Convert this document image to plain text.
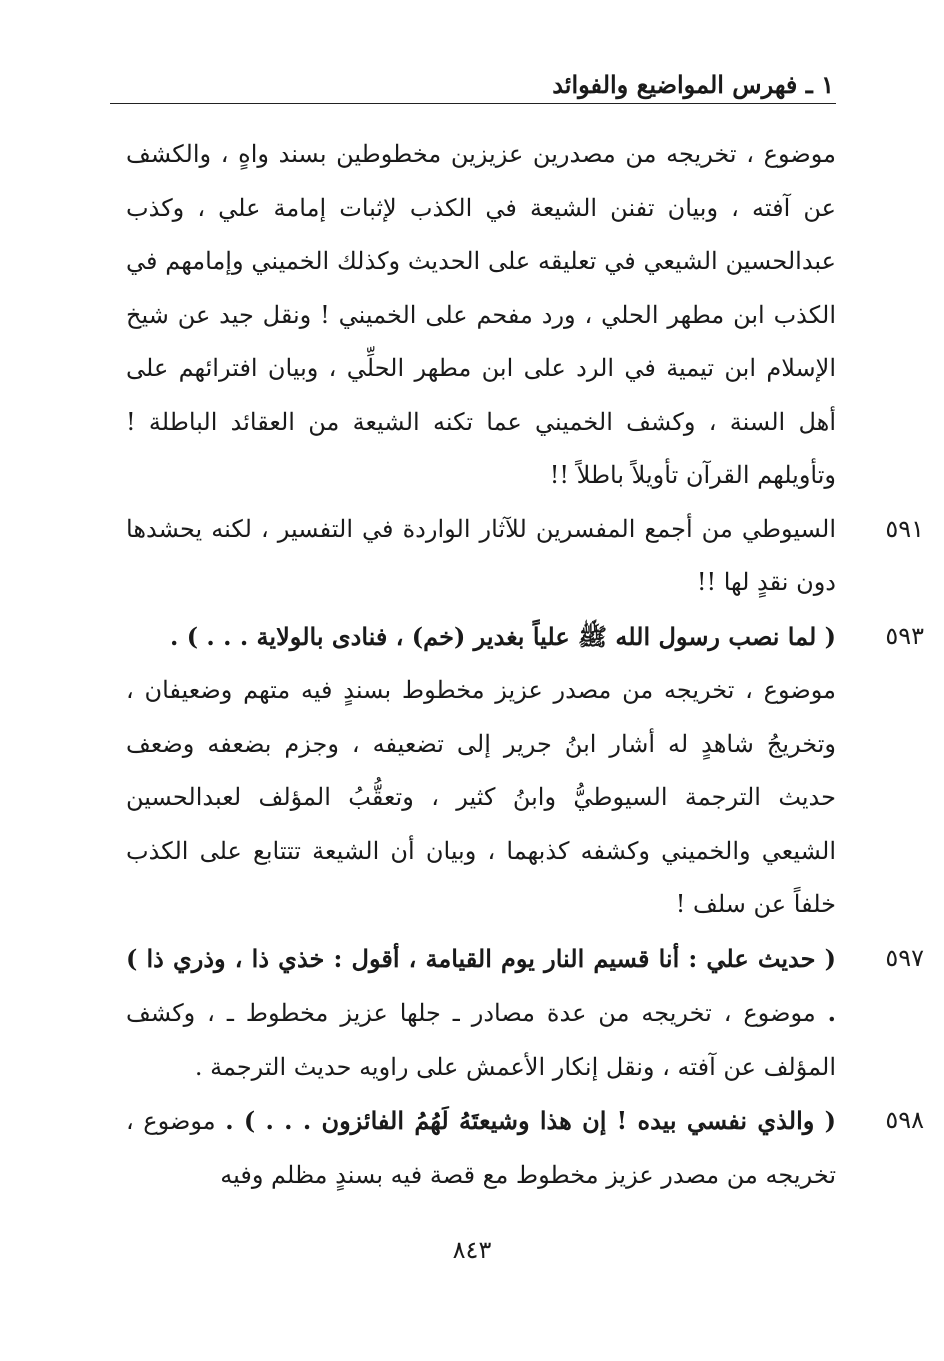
١ ـ فهرس المواضيع والفوائد
موضوع ، تخريجه من مصدرين عزيزين مخطوطين بسند واهٍ ، والكشف عن آفته ، وبيان تفنن الشيعة في الكذب لإثبات إمامة علي ، وكذب عبدالحسين الشيعي في تعليقه على الحديث وكذلك الخميني وإمامهم في الكذب ابن مطهر الحلي ، ورد مفحم على الخميني ! ونقل جيد عن شيخ الإسلام ابن تيمية في الرد على ابن مطهر الحلِّي ، وبيان افترائهم على أهل السنة ، وكشف الخميني عما تكنه الشيعة من العقائد الباطلة ! وتأويلهم القرآن تأويلاً باطلاً !!
٥٩١
السيوطي من أجمع المفسرين للآثار الواردة في التفسير ، لكنه يحشدها دون نقدٍ لها !!
٥٩٣
( لما نصب رسول الله ﷺ علياً بغدير (خم) ، فنادى بالولاية . . . ) .
موضوع ، تخريجه من مصدر عزيز مخطوط بسندٍ فيه متهم وضعيفان ، وتخريجُ شاهدٍ له أشار ابنُ جرير إلى تضعيفه ، وجزم بضعفه وضعف حديث الترجمة السيوطيُّ وابنُ كثير ، وتعقُّبُ المؤلف لعبدالحسين الشيعي والخميني وكشفه كذبهما ، وبيان أن الشيعة تتتابع على الكذب خلفاً عن سلف !
٥٩٧
( حديث علي : أنا قسيم النار يوم القيامة ، أقول : خذي ذا ، وذري ذا ) . موضوع ، تخريجه من عدة مصادر ـ جلها عزيز مخطوط ـ ، وكشف المؤلف عن آفته ، ونقل إنكار الأعمش على راويه حديث الترجمة .
٥٩٨
( والذي نفسي بيده ! إن هذا وشيعتَهُ لَهُمُ الفائزون . . . ) . موضوع ، تخريجه من مصدر عزيز مخطوط مع قصة فيه بسندٍ مظلم وفيه
٨٤٣
